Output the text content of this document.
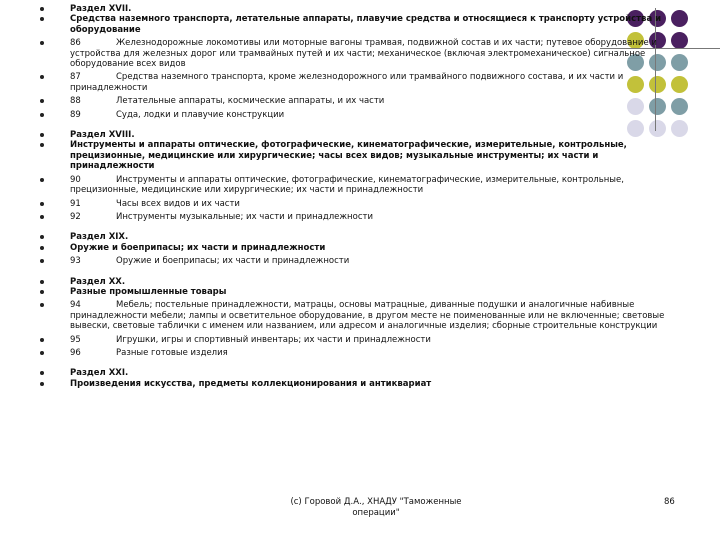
Раздел XVII.
Средства наземного транспорта, летательные аппараты, плавучие средства и относящиеся к транспорту устройства и оборудование
86	Железнодорожные локомотивы или моторные вагоны трамвая, подвижной состав и их части; путевое оборудование и устройства для железных дорог или трамвайных путей и их части; механическое (включая электромеханическое) сигнальное оборудование всех видов
87	Средства наземного транспорта, кроме железнодорожного или трамвайного подвижного состава, и их части и принадлежности
88	Летательные аппараты, космические аппараты, и их части
89	Суда, лодки и плавучие конструкции
Раздел XVIII.
Инструменты и аппараты оптические, фотографические, кинематографические, измерительные, контрольные, прецизионные, медицинские или хирургические; часы всех видов; музыкальные инструменты; их части и принадлежности
90	Инструменты и аппараты оптические, фотографические, кинематографические, измерительные, контрольные, прецизионные, медицинские или хирургические; их части и принадлежности
91	Часы всех видов и их части
92	Инструменты музыкальные; их части и принадлежности
Раздел XIX.
Оружие и боеприпасы; их части и принадлежности
93	Оружие и боеприпасы; их части и принадлежности
Раздел XX.
Разные промышленные товары
94	Мебель; постельные принадлежности, матрацы, основы матрацные, диванные подушки и аналогичные набивные принадлежности мебели; лампы и осветительное оборудование, в другом месте не поименованные или не включенные; световые вывески, световые таблички с именем или названием, или адресом и аналогичные изделия; сборные строительные конструкции
95	Игрушки, игры и спортивный инвентарь; их части и принадлежности
96	Разные готовые изделия
Раздел XXI.
Произведения искусства, предметы коллекционирования и антиквариат
(c) Горовой Д.А., ХНАДУ "Таможенные операции"
86
